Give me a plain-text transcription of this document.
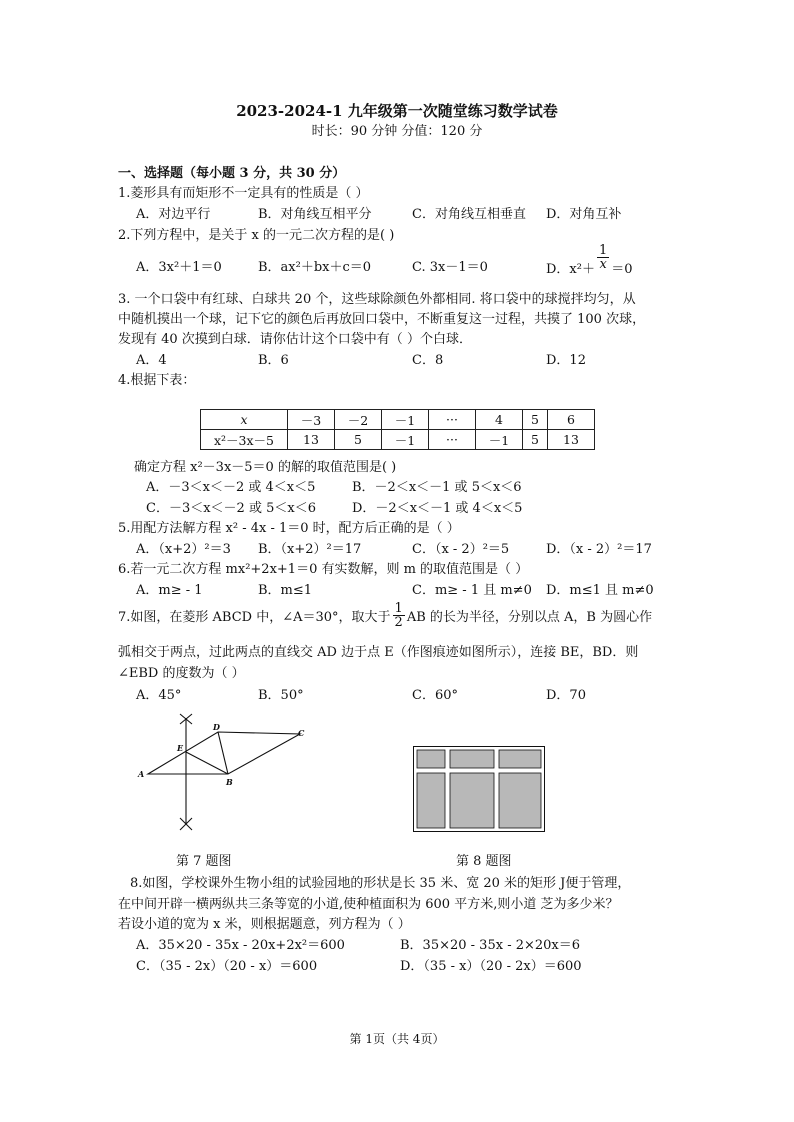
2023-2024-1 九年级第一次随堂练习数学试卷
时长：90 分钟 分值：120 分
一、选择题（每小题 3 分，共 30 分）
1.菱形具有而矩形不一定具有的性质是（ ）
A．对边平行	B．对角线互相平分	C．对角线互相垂直 D．对角互补
2.下列方程中，是关于 x 的一元二次方程的是( )
A．3x²＋1＝0	B．ax²＋bx＋c＝0	C. 3x－1＝0	D．$x^2+ \frac{1}{x} =0$
3. 一个口袋中有红球、白球共 20 个，这些球除颜色外都相同. 将口袋中的球搅拌均匀，从
中随机摸出一个球，记下它的颜色后再放回口袋中，不断重复这一过程，共摸了 100 次球，
发现有 40 次摸到白球．请你估计这个口袋中有（ ）个白球．
A．4	B．6	C．8	D．12
4.根据下表：
x	－3	－2	－1	···	4	5	6
x²－3x－5	13	5	－1	···	－1	5	13
确定方程 x²－3x－5＝0 的解的取值范围是( )
A．－3＜x＜－2 或 4＜x＜5	B．－2＜x＜－1 或 5＜x＜6
C．－3＜x＜－2 或 5＜x＜6	D．－2＜x＜－1 或 4＜x＜5
5.用配方法解方程 x² - 4x - 1＝0 时，配方后正确的是（ ）
A．（x+2）²＝3 B．（x+2）²＝17	C．（x - 2）²＝5	D．（x - 2）²＝17
6.若一元二次方程 mx²+2x+1＝0 有实数解，则 m 的取值范围是（ ）
A．m≥ - 1	B．m≤1	C．m≥ - 1 且 m≠0 D．m≤1 且 m≠0
7.如图，在菱形 ABCD 中，∠A＝30°，取大于 $\frac{1}{2}$ AB 的长为半径，分别以点 A，B 为圆心作
弧相交于两点，过此两点的直线交 AD 边于点 E（作图痕迹如图所示），连接 BE，BD．则
∠EBD 的度数为（ ）
A．45°	B．50°	C．60°	D．70
A
B
C
D
E
第 7 题图	第 8 题图
8.如图，学校课外生物小组的试验园地的形状是长 35 米、宽 20 米的矩形 J便于管理，
在中间开辟一横两纵共三条等宽的小道,使种植面积为 600 平方米,则小道 芝为多少米？
若设小道的宽为 x 米，则根据题意，列方程为（ ）
A．35×20 - 35x - 20x+2x²＝600	B．35×20 - 35x - 2×20x＝6
C．（35 - 2x）（20 - x）＝600	D．（35 - x）（20 - 2x）＝600
第 1页（共 4页）
